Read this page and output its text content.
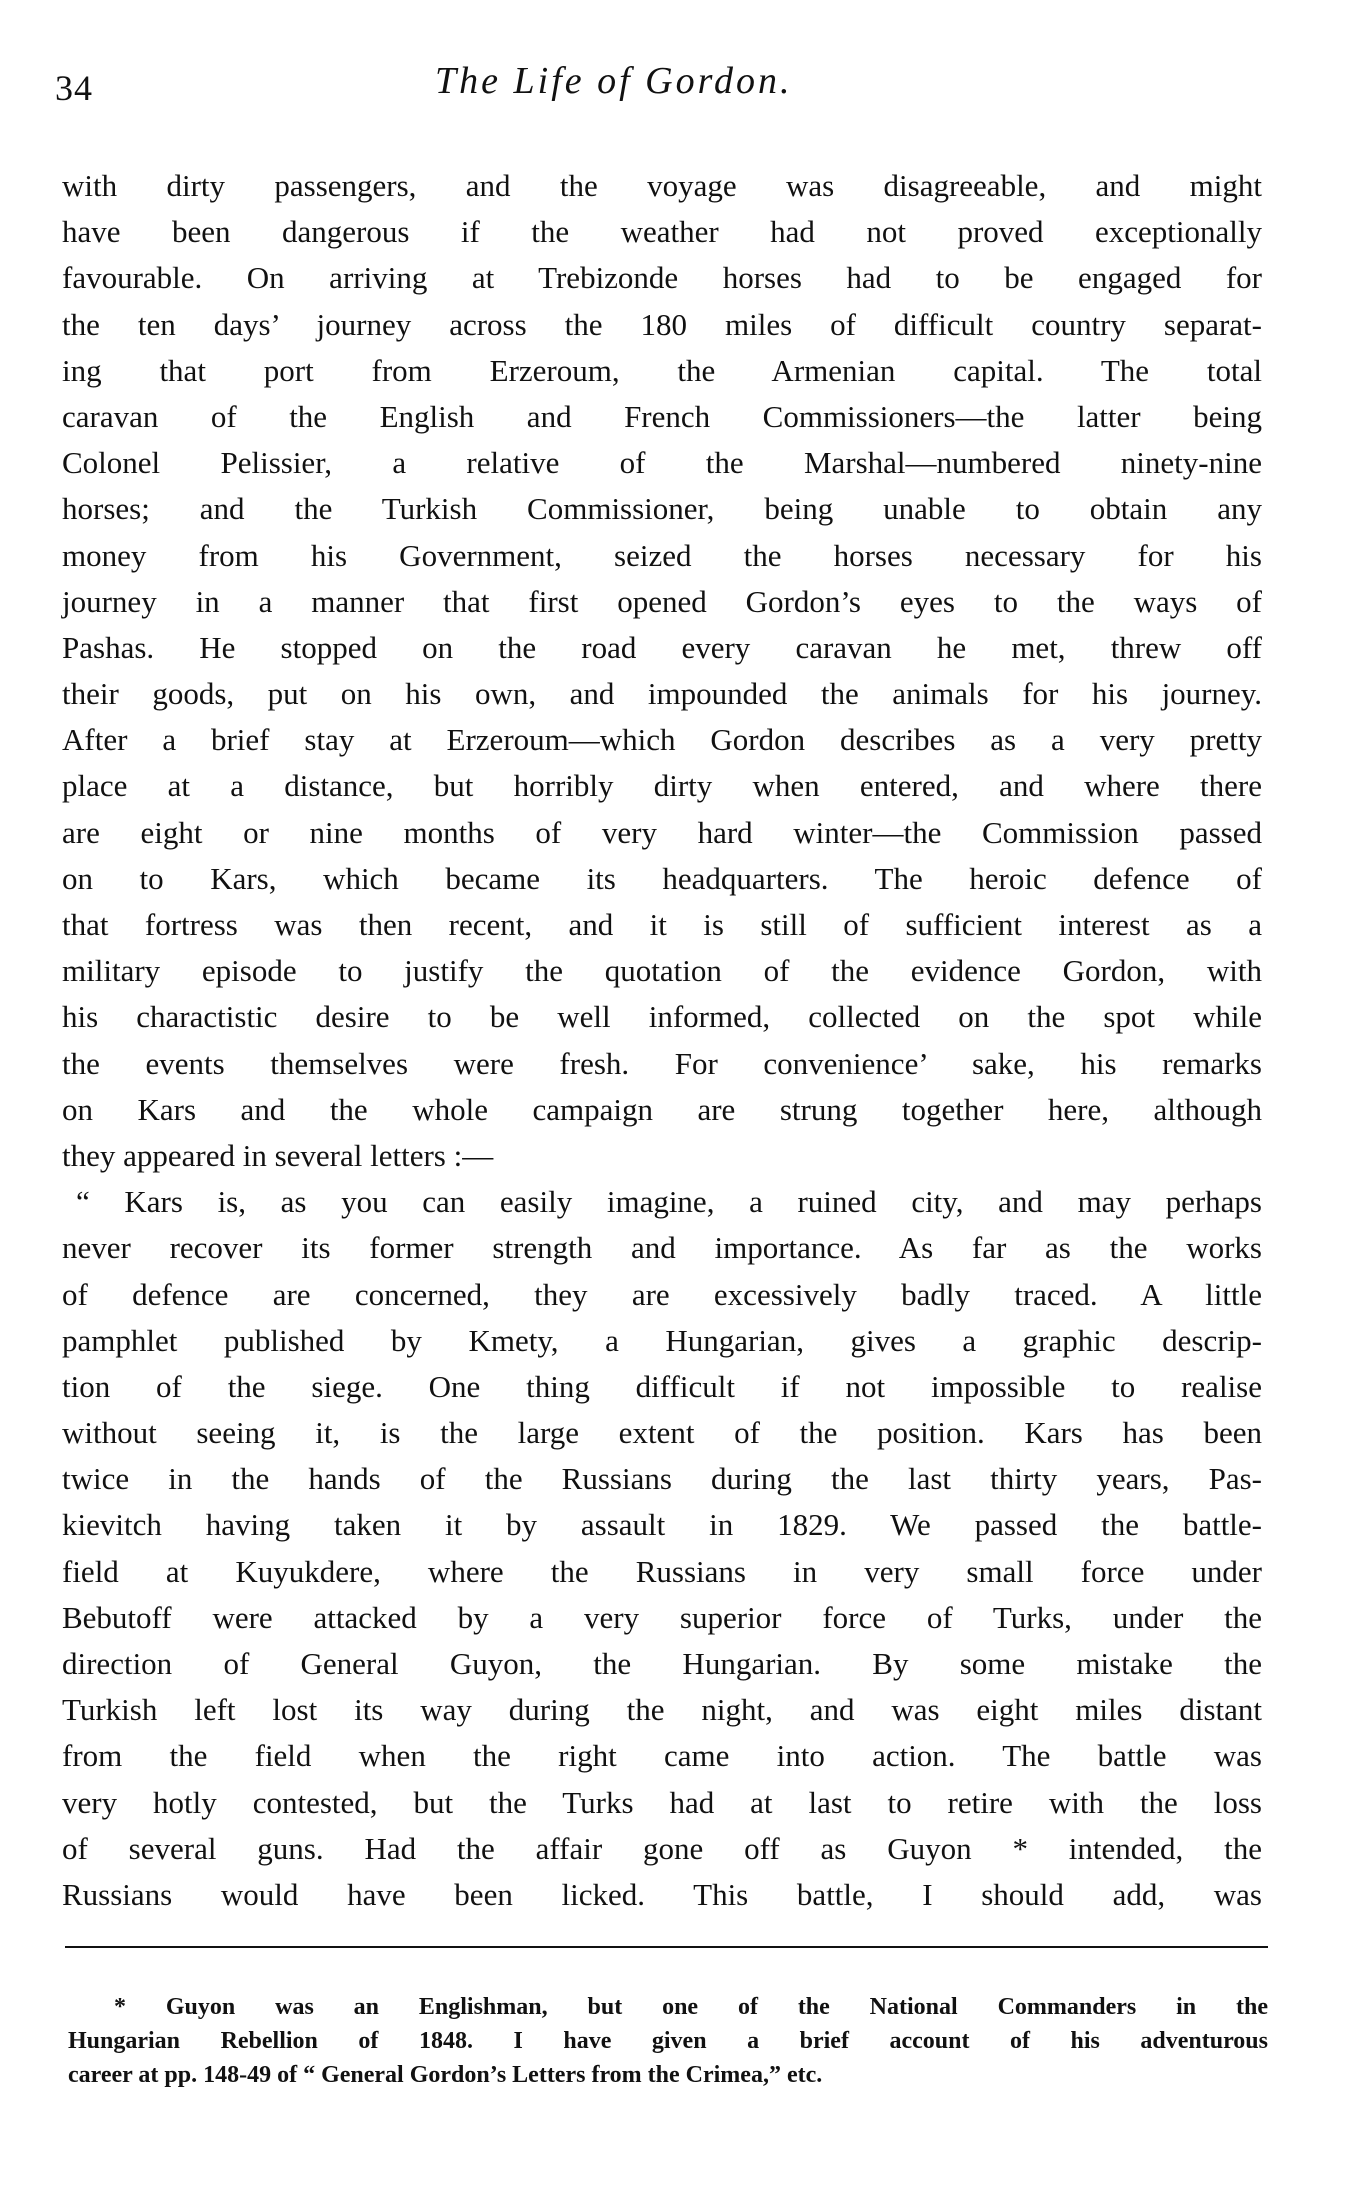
34	The Life of Gordon.
with dirty passengers, and the voyage was disagreeable, and might
have been dangerous if the weather had not proved exceptionally
favourable. On arriving at Trebizonde horses had to be engaged for
the ten days’ journey across the 180 miles of difficult country separat-
ing that port from Erzeroum, the Armenian capital. The total
caravan of the English and French Commissioners—the latter being
Colonel Pelissier, a relative of the Marshal—numbered ninety-nine
horses; and the Turkish Commissioner, being unable to obtain any
money from his Government, seized the horses necessary for his
journey in a manner that first opened Gordon’s eyes to the ways of
Pashas. He stopped on the road every caravan he met, threw off
their goods, put on his own, and impounded the animals for his journey.
After a brief stay at Erzeroum—which Gordon describes as a very pretty
place at a distance, but horribly dirty when entered, and where there
are eight or nine months of very hard winter—the Commission passed
on to Kars, which became its headquarters. The heroic defence of
that fortress was then recent, and it is still of sufficient interest as a
military episode to justify the quotation of the evidence Gordon, with
his charactistic desire to be well informed, collected on the spot while
the events themselves were fresh. For convenience’ sake, his remarks
on Kars and the whole campaign are strung together here, although
they appeared in several letters :—
“ Kars is, as you can easily imagine, a ruined city, and may perhaps
never recover its former strength and importance. As far as the works
of defence are concerned, they are excessively badly traced. A little
pamphlet published by Kmety, a Hungarian, gives a graphic descrip-
tion of the siege. One thing difficult if not impossible to realise
without seeing it, is the large extent of the position. Kars has been
twice in the hands of the Russians during the last thirty years, Pas-
kievitch having taken it by assault in 1829. We passed the battle-
field at Kuyukdere, where the Russians in very small force under
Bebutoff were attacked by a very superior force of Turks, under the
direction of General Guyon, the Hungarian. By some mistake the
Turkish left lost its way during the night, and was eight miles distant
from the field when the right came into action. The battle was
very hotly contested, but the Turks had at last to retire with the loss
of several guns. Had the affair gone off as Guyon * intended, the
Russians would have been licked. This battle, I should add, was
* Guyon was an Englishman, but one of the National Commanders in the
Hungarian Rebellion of 1848. I have given a brief account of his adventurous
career at pp. 148-49 of “ General Gordon’s Letters from the Crimea,” etc.
